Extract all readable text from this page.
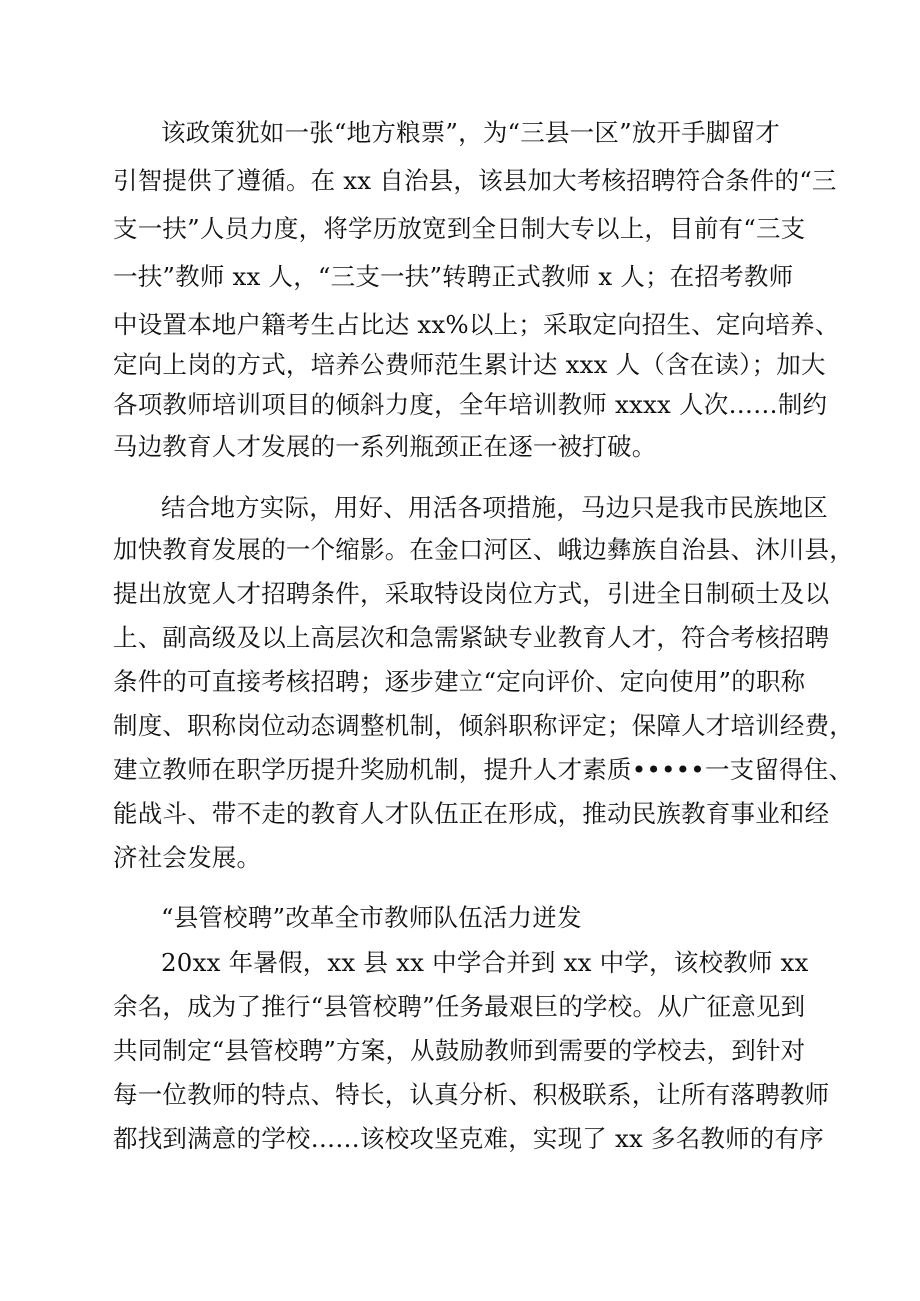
该政策犹如一张“地方粮票”，为“三县一区”放开手脚留才
引智提供了遵循。在 xx 自治县，该县加大考核招聘符合条件的“三
支一扶”人员力度，将学历放宽到全日制大专以上，目前有“三支
一扶”教师 xx 人，“三支一扶”转聘正式教师 x 人；在招考教师
中设置本地户籍考生占比达 xx%以上；采取定向招生、定向培养、
定向上岗的方式，培养公费师范生累计达 xxx 人（含在读）；加大
各项教师培训项目的倾斜力度，全年培训教师 xxxx 人次……制约
马边教育人才发展的一系列瓶颈正在逐一被打破。
结合地方实际，用好、用活各项措施，马边只是我市民族地区
加快教育发展的一个缩影。在金口河区、峨边彝族自治县、沐川县，
提出放宽人才招聘条件，采取特设岗位方式，引进全日制硕士及以
上、副高级及以上高层次和急需紧缺专业教育人才，符合考核招聘
条件的可直接考核招聘；逐步建立“定向评价、定向使用”的职称
制度、职称岗位动态调整机制，倾斜职称评定；保障人才培训经费，
建立教师在职学历提升奖励机制，提升人才素质•••••一支留得住、
能战斗、带不走的教育人才队伍正在形成，推动民族教育事业和经
济社会发展。
“县管校聘”改革全市教师队伍活力迸发
20xx 年暑假，xx 县 xx 中学合并到 xx 中学，该校教师 xx
余名，成为了推行“县管校聘”任务最艰巨的学校。从广征意见到
共同制定“县管校聘”方案，从鼓励教师到需要的学校去，到针对
每一位教师的特点、特长，认真分析、积极联系，让所有落聘教师
都找到满意的学校……该校攻坚克难，实现了 xx 多名教师的有序
